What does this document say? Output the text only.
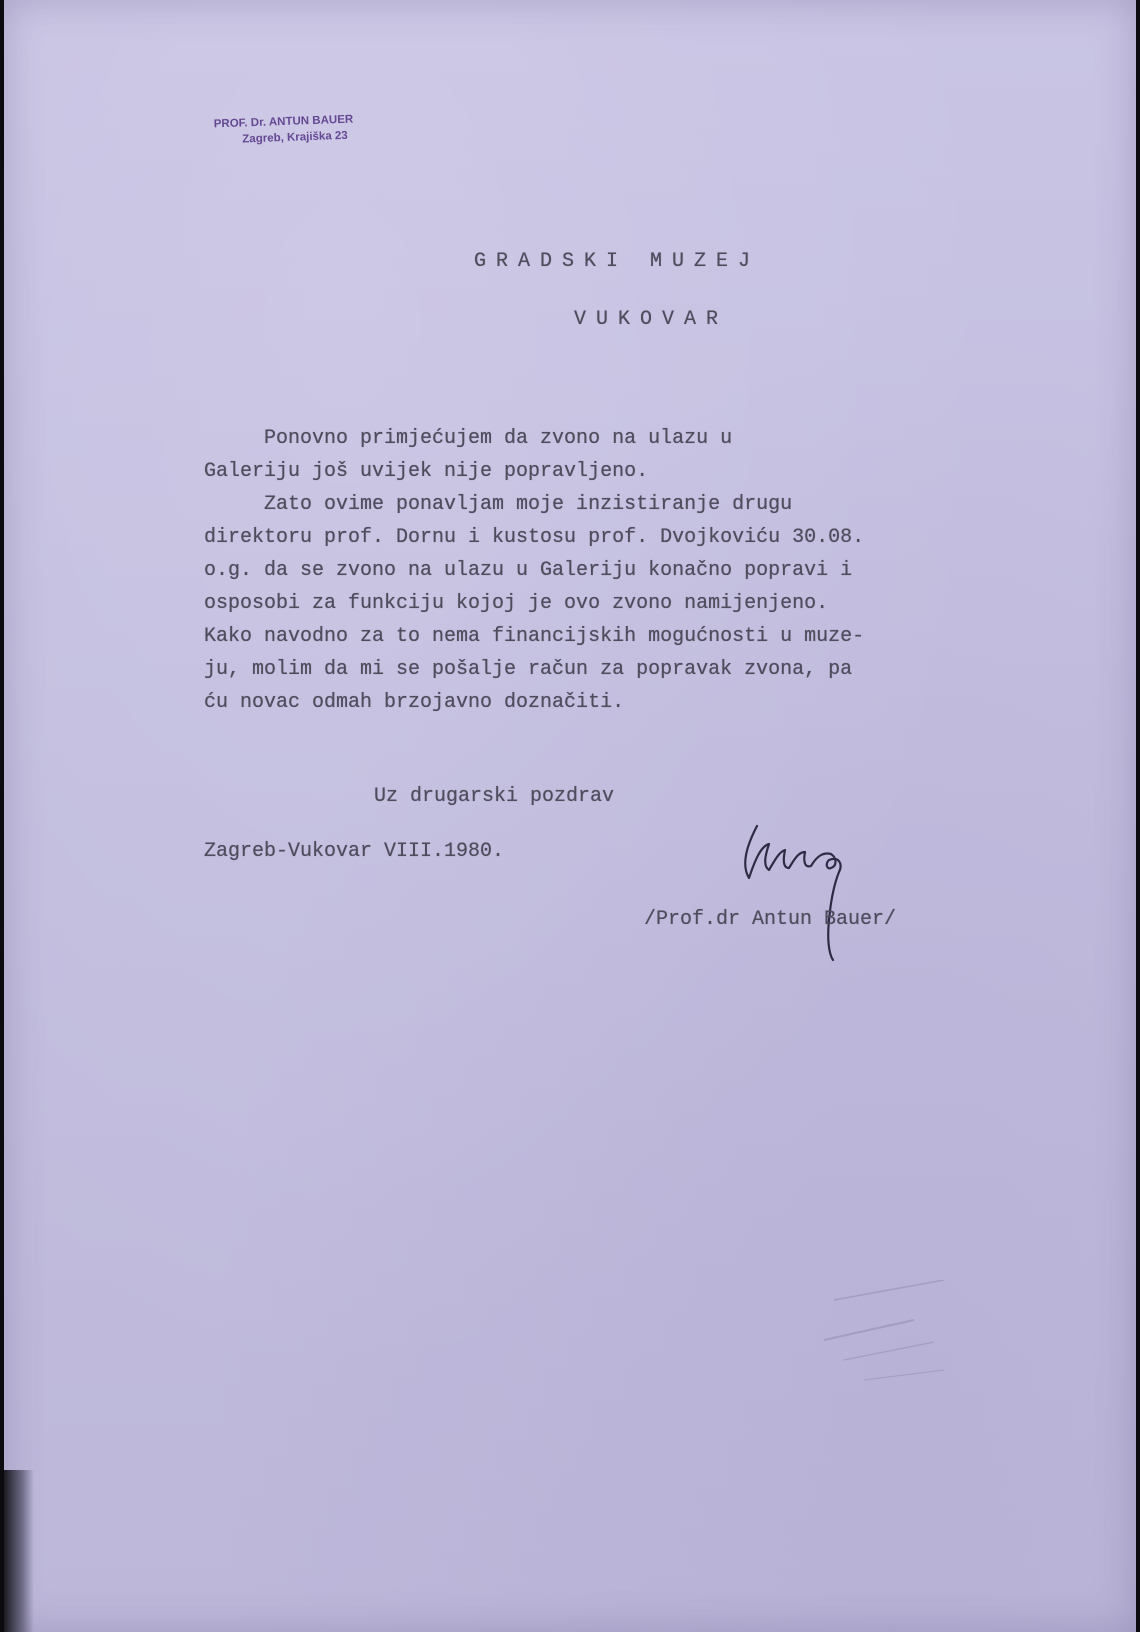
PROF. Dr. ANTUN BAUER
Zagreb, Krajiška 23
GRADSKI MUZEJ
VUKOVAR
Ponovno primjećujem da zvono na ulazu u
Galeriju još uvijek nije popravljeno.
Zato ovime ponavljam moje inzistiranje drugu
direktoru prof. Dornu i kustosu prof. Dvojkoviću 30.08.
o.g. da se zvono na ulazu u Galeriju konačno popravi i
osposobi za funkciju kojoj je ovo zvono namijenjeno.
Kako navodno za to nema financijskih mogućnosti u muze-
ju, molim da mi se pošalje račun za popravak zvona, pa
ću novac odmah brzojavno doznačiti.
Uz drugarski pozdrav
Zagreb-Vukovar VIII.1980.
/Prof.dr Antun Bauer/
